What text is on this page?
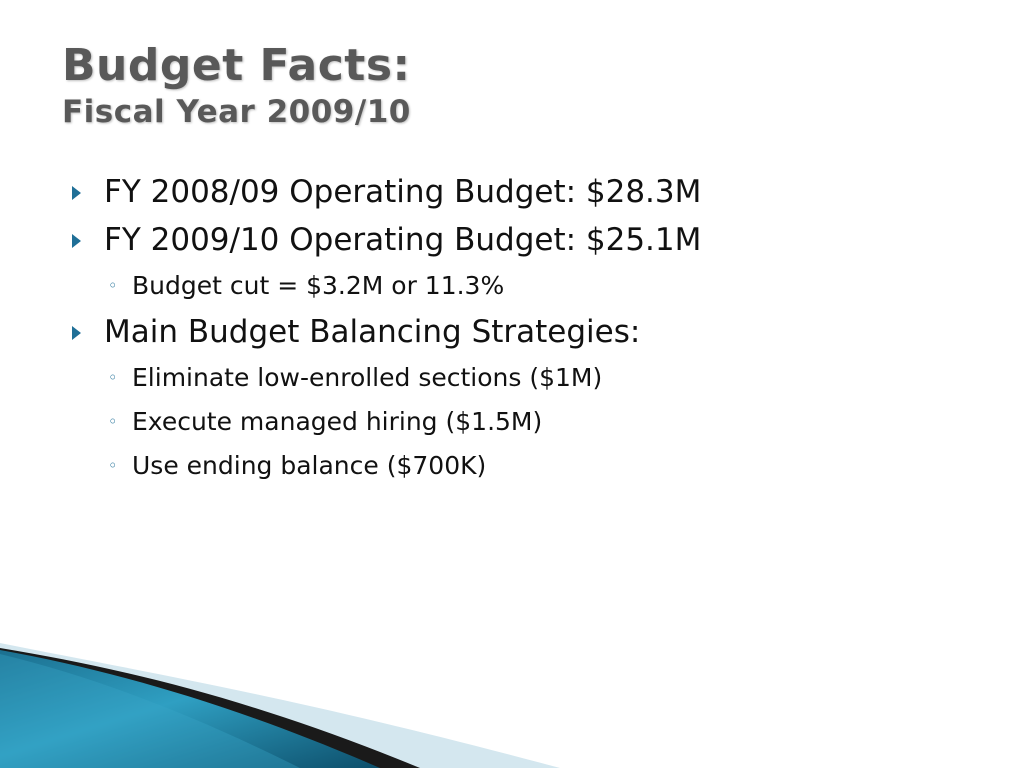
Budget Facts:
Fiscal Year 2009/10
FY 2008/09 Operating Budget: $28.3M
FY 2009/10 Operating Budget: $25.1M
◦ Budget cut = $3.2M or 11.3%
Main Budget Balancing Strategies:
◦ Eliminate low-enrolled sections ($1M)
◦ Execute managed hiring ($1.5M)
◦ Use ending balance ($700K)
